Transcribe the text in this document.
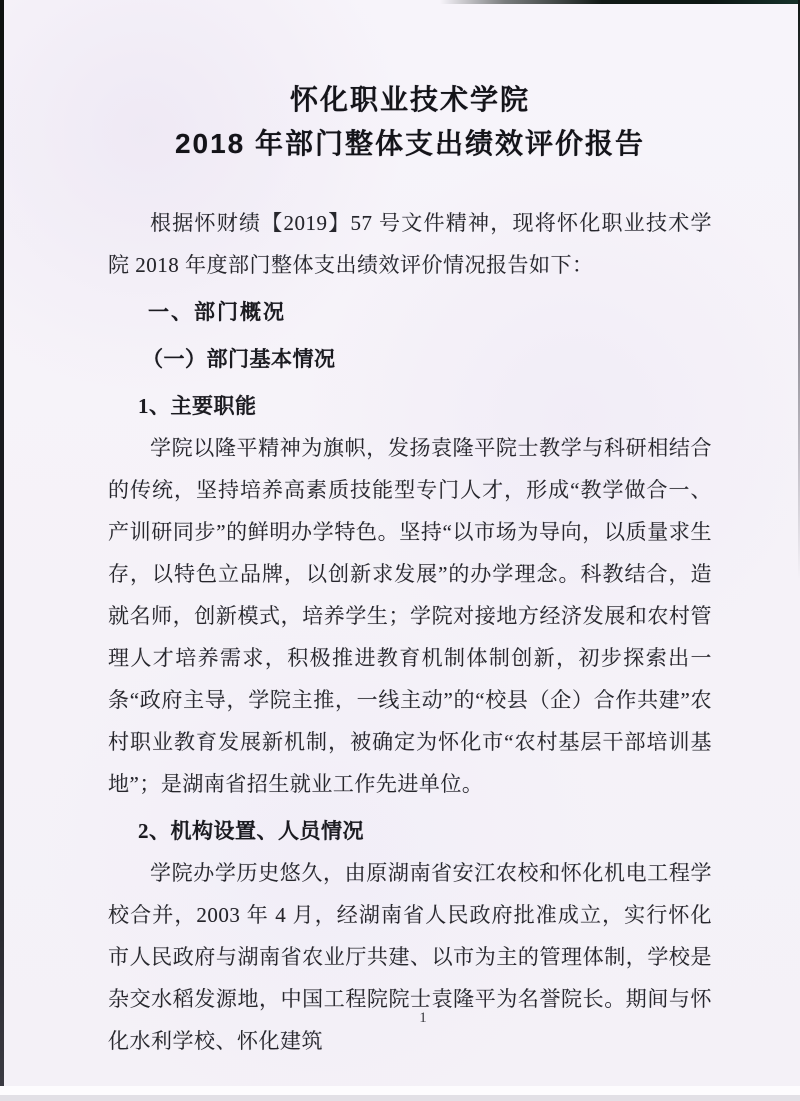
怀化职业技术学院
2018 年部门整体支出绩效评价报告

根据怀财绩【2019】57 号文件精神，现将怀化职业技术学院 2018 年度部门整体支出绩效评价情况报告如下：

一、部门概况

（一）部门基本情况

1、主要职能

学院以隆平精神为旗帜，发扬袁隆平院士教学与科研相结合的传统，坚持培养高素质技能型专门人才，形成“教学做合一、产训研同步”的鲜明办学特色。坚持“以市场为导向，以质量求生存，以特色立品牌，以创新求发展”的办学理念。科教结合，造就名师，创新模式，培养学生；学院对接地方经济发展和农村管理人才培养需求，积极推进教育机制体制创新，初步探索出一条“政府主导，学院主推，一线主动”的“校县（企）合作共建”农村职业教育发展新机制，被确定为怀化市“农村基层干部培训基地”；是湖南省招生就业工作先进单位。

2、机构设置、人员情况

学院办学历史悠久，由原湖南省安江农校和怀化机电工程学校合并，2003 年 4 月，经湖南省人民政府批准成立，实行怀化市人民政府与湖南省农业厅共建、以市为主的管理体制，学校是杂交水稻发源地，中国工程院院士袁隆平为名誉院长。期间与怀化水利学校、怀化建筑

1
